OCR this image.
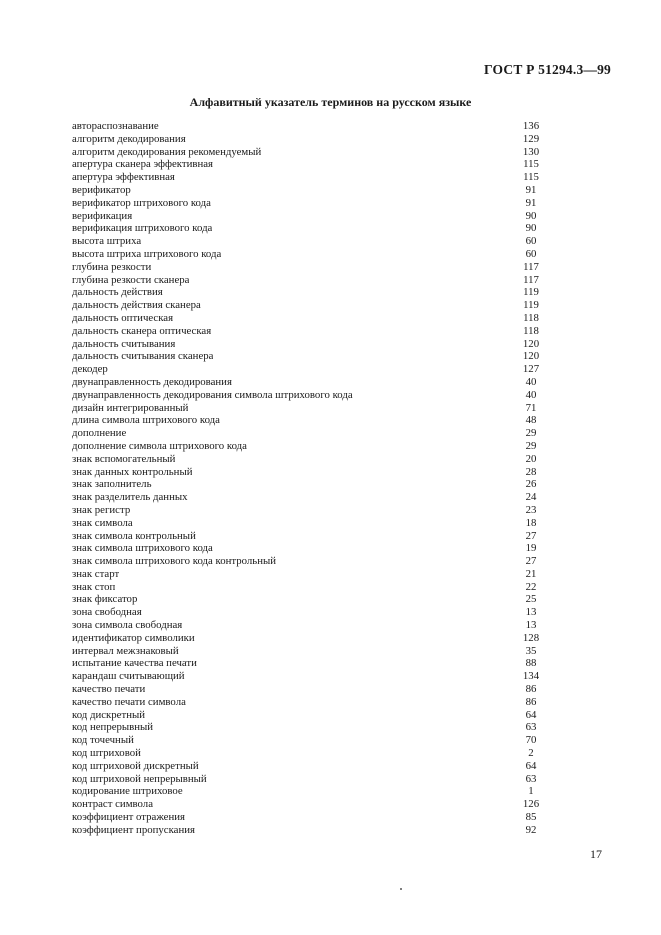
ГОСТ Р 51294.3—99
Алфавитный указатель терминов на русском языке
автораспознавание	136
алгоритм декодирования	129
алгоритм декодирования рекомендуемый	130
апертура сканера эффективная	115
апертура эффективная	115
верификатор	91
верификатор штрихового кода	91
верификация	90
верификация штрихового кода	90
высота штриха	60
высота штриха штрихового кода	60
глубина резкости	117
глубина резкости сканера	117
дальность действия	119
дальность действия сканера	119
дальность оптическая	118
дальность сканера оптическая	118
дальность считывания	120
дальность считывания сканера	120
декодер	127
двунаправленность декодирования	40
двунаправленность декодирования символа штрихового кода	40
дизайн интегрированный	71
длина символа штрихового кода	48
дополнение	29
дополнение символа штрихового кода	29
знак вспомогательный	20
знак данных контрольный	28
знак заполнитель	26
знак разделитель данных	24
знак регистр	23
знак символа	18
знак символа контрольный	27
знак символа штрихового кода	19
знак символа штрихового кода контрольный	27
знак старт	21
знак стоп	22
знак фиксатор	25
зона свободная	13
зона символа свободная	13
идентификатор символики	128
интервал межзнаковый	35
испытание качества печати	88
карандаш считывающий	134
качество печати	86
качество печати символа	86
код дискретный	64
код непрерывный	63
код точечный	70
код штриховой	2
код штриховой дискретный	64
код штриховой непрерывный	63
кодирование штриховое	1
контраст символа	126
коэффициент отражения	85
коэффициент пропускания	92
17
